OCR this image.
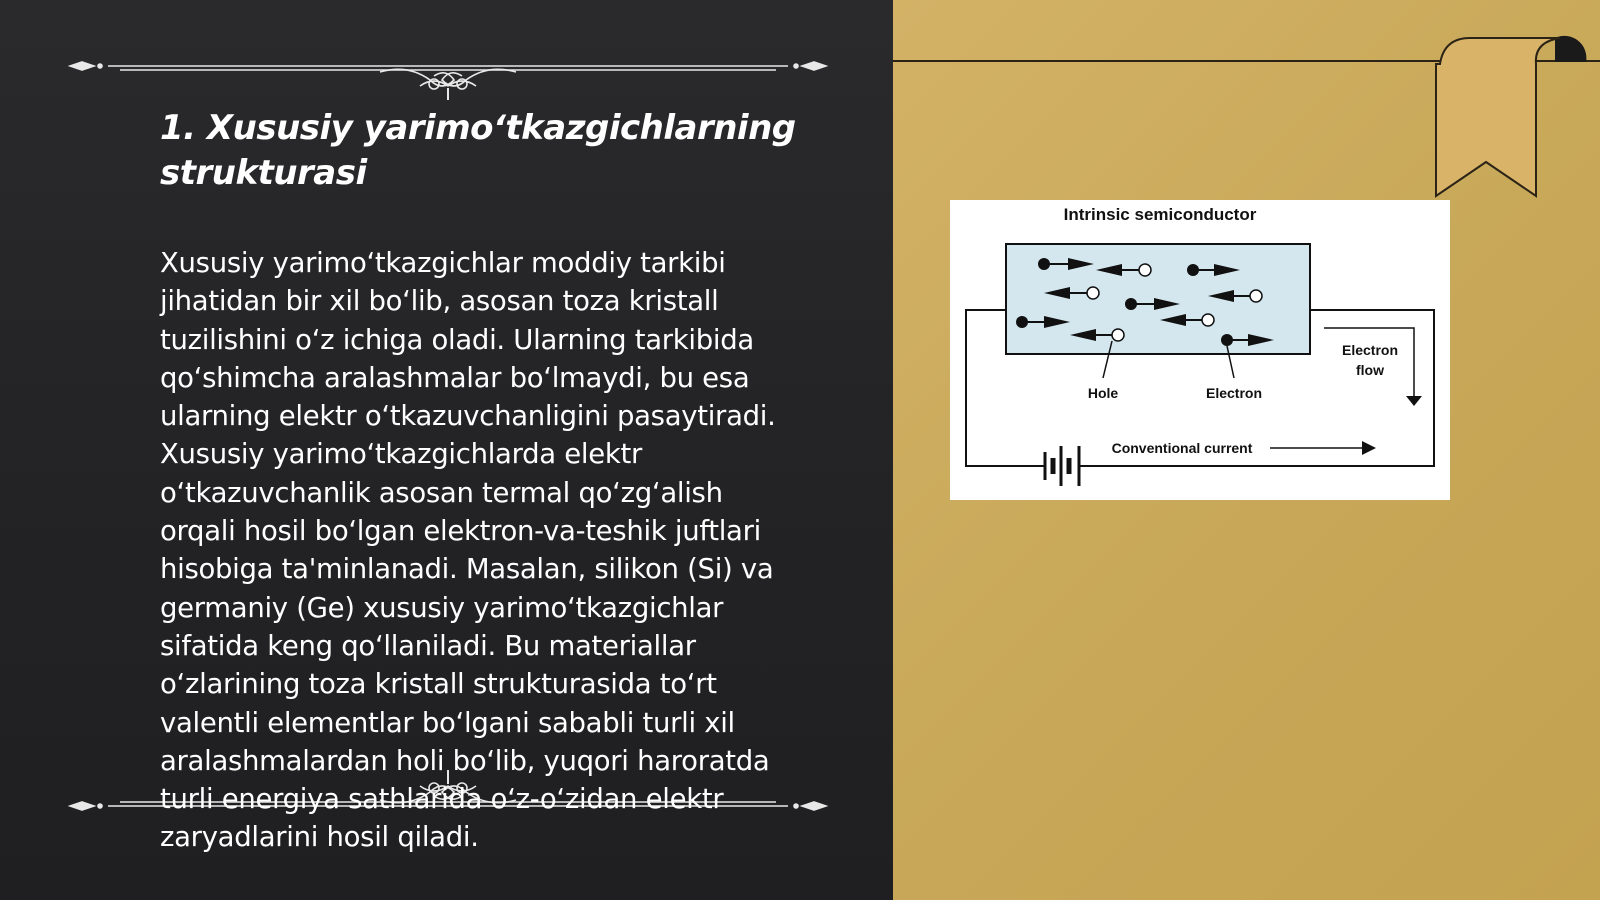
1. Xususiy yarimo‘tkazgichlarning strukturasi

Xususiy yarimo‘tkazgichlar moddiy tarkibi
jihatidan bir xil bo‘lib, asosan toza kristall
tuzilishini o‘z ichiga oladi. Ularning tarkibida
qo‘shimcha aralashmalar bo‘lmaydi, bu esa
ularning elektr o‘tkazuvchanligini pasaytiradi.
Xususiy yarimo‘tkazgichlarda elektr
o‘tkazuvchanlik asosan termal qo‘zg‘alish
orqali hosil bo‘lgan elektron-va-teshik juftlari
hisobiga ta'minlanadi. Masalan, silikon (Si) va
germaniy (Ge) xususiy yarimo‘tkazgichlar
sifatida keng qo‘llaniladi. Bu materiallar
o‘zlarining toza kristall strukturasida to‘rt
valentli elementlar bo‘lgani sababli turli xil
aralashmalardan holi bo‘lib, yuqori haroratda
turli energiya sathlarida o‘z-o‘zidan elektr
zaryadlarini hosil qiladi.

Intrinsic semiconductor
Hole	Electron
Electron
flow
Conventional current
